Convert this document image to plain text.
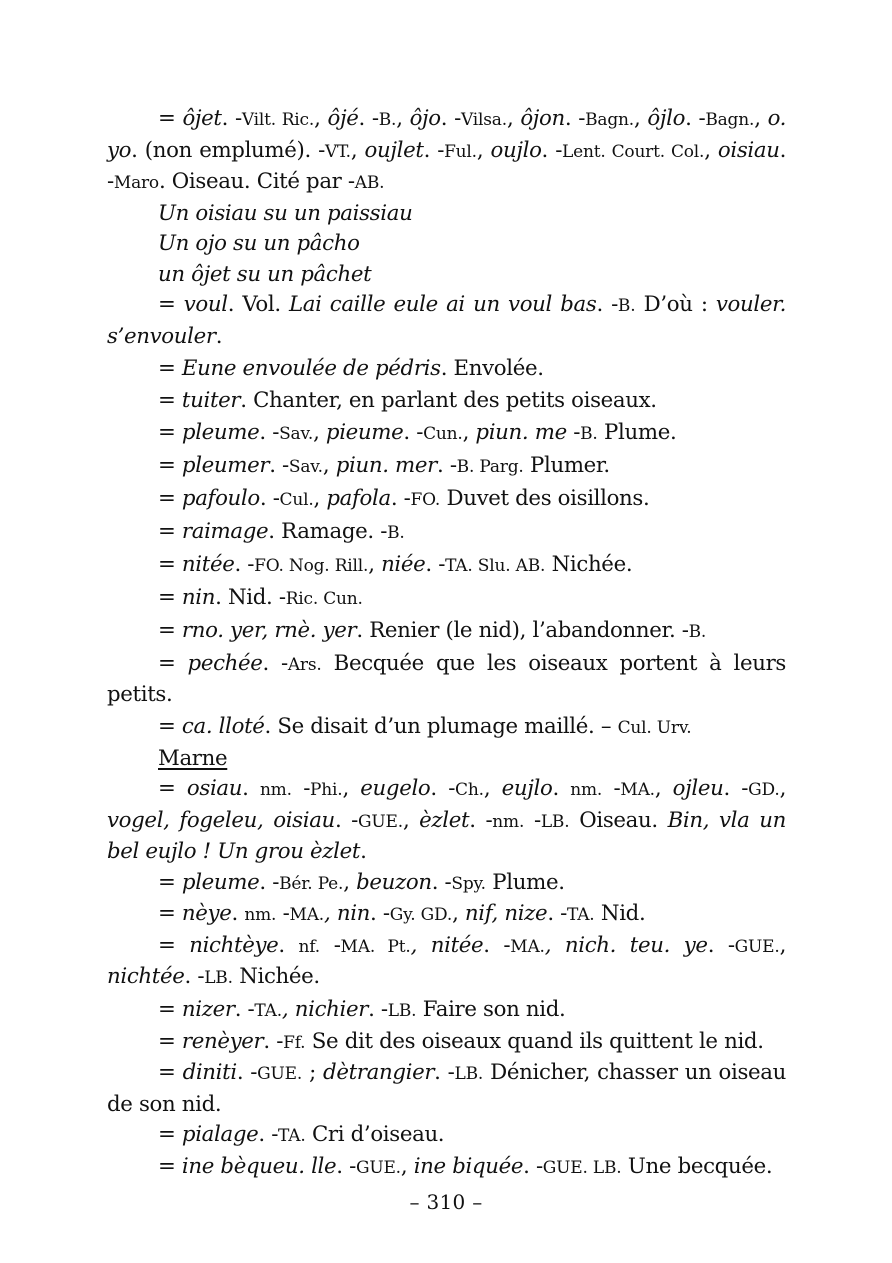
= ôjet. -Vilt. Ric., ôjé. -B., ôjo. -Vilsa., ôjon. -Bagn., ôjlo. -Bagn., o. yo. (non emplumé). -VT., oujlet. -Ful., oujlo. -Lent. Court. Col., oisiau. -Maro. Oiseau. Cité par -AB.

Un oisiau su un paissiau

Un ojo su un pâcho

un ôjet su un pâchet

= voul. Vol. Lai caille eule ai un voul bas. -B. D’où : vouler. s’envouler.

= Eune envoulée de pédris. Envolée.

= tuiter. Chanter, en parlant des petits oiseaux.

= pleume. -Sav., pieume. -Cun., piun. me -B. Plume.

= pleumer. -Sav., piun. mer. -B. Parg. Plumer.

= pafoulo. -Cul., pafola. -FO. Duvet des oisillons.

= raimage. Ramage. -B.

= nitée. -FO. Nog. Rill., niée. -TA. Slu. AB. Nichée.

= nin. Nid. -Ric. Cun.

= rno. yer, rnè. yer. Renier (le nid), l’abandonner. -B.

= pechée. -Ars. Becquée que les oiseaux portent à leurs petits.

= ca. lloté. Se disait d’un plumage maillé. – Cul. Urv.

Marne

= osiau. nm. -Phi., eugelo. -Ch., eujlo. nm. -MA., ojleu. -GD., vogel, fogeleu, oisiau. -GUE., èzlet. -nm. -LB. Oiseau. Bin, vla un bel eujlo ! Un grou èzlet.

= pleume. -Bér. Pe., beuzon. -Spy. Plume.

= nèye. nm. -MA., nin. -Gy. GD., nif, nize. -TA. Nid.

= nichtèye. nf. -MA. Pt., nitée. -MA., nich. teu. ye. -GUE., nichtée. -LB. Nichée.

= nizer. -TA., nichier. -LB. Faire son nid.

= renèyer. -Ff. Se dit des oiseaux quand ils quittent le nid.

= diniti. -GUE. ; dètrangier. -LB. Dénicher, chasser un oiseau de son nid.

= pialage. -TA. Cri d’oiseau.

= ine bèqueu. lle. -GUE., ine biquée. -GUE. LB. Une becquée.

– 310 –
